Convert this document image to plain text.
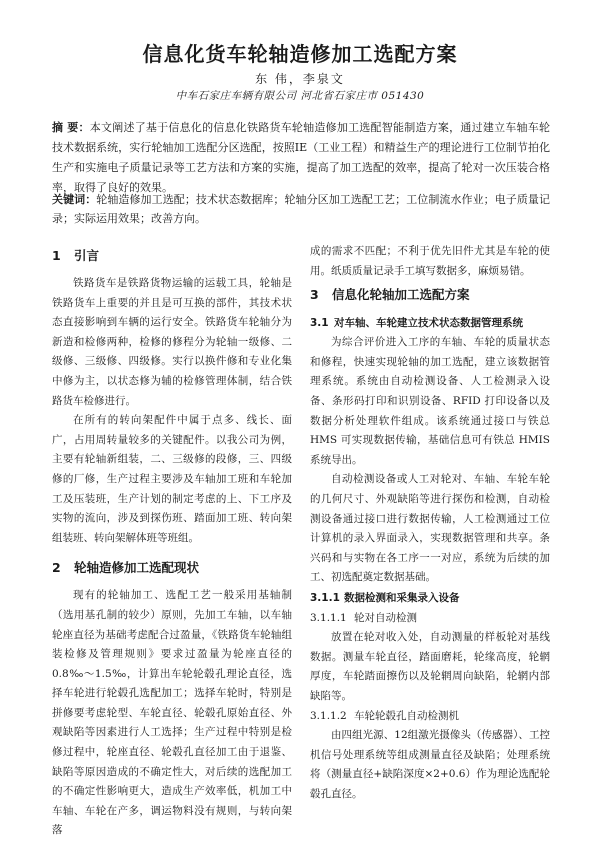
信息化货车轮轴造修加工选配方案
东 伟，李泉文
中车石家庄车辆有限公司 河北省石家庄市 051430
摘 要：本文阐述了基于信息化的信息化铁路货车轮轴造修加工选配智能制造方案，通过建立车轴车轮技术数据系统，实行轮轴加工选配分区选配，按照IE（工业工程）和精益生产的理论进行工位制节拍化生产和实施电子质量记录等工艺方法和方案的实施，提高了加工选配的效率，提高了轮对一次压装合格率，取得了良好的效果。
关键词：轮轴造修加工选配；技术状态数据库；轮轴分区加工选配工艺；工位制流水作业；电子质量记录；实际运用效果；改善方向。
1 引言

铁路货车是铁路货物运输的运载工具，轮轴是铁路货车上重要的并且是可互换的部件，其技术状态直接影响到车辆的运行安全。铁路货车轮轴分为新造和检修两种，检修的修程分为轮轴一级修、二级修、三级修、四级修。实行以换件修和专业化集中修为主，以状态修为辅的检修管理体制，结合铁路货车检修进行。

在所有的转向架配件中属于点多、线长、面广，占用周转量较多的关键配件。以我公司为例，主要有轮轴新组装，二、三级修的段修，三、四级修的厂修，生产过程主要涉及车轴加工班和车轮加工及压装班，生产计划的制定考虑的上、下工序及实物的流向，涉及到探伤班、踏面加工班、转向架组装班、转向架解体班等班组。

2 轮轴造修加工选配现状

现有的轮轴加工、选配工艺一般采用基轴制（选用基孔制的较少）原则，先加工车轴，以车轴轮座直径为基础考虑配合过盈量，《铁路货车轮轴组装检修及管理规则》要求过盈量为轮座直径的0.8‰～1.5‰，计算出车轮轮毂孔理论直径，选择车轮进行轮毂孔选配加工；选择车轮时，特别是拼修要考虑轮型、车轮直径、轮毂孔原始直径、外观缺陷等因素进行人工选择；生产过程中特别是检修过程中，轮座直径、轮毂孔直径加工由于退鉴、缺陷等原因造成的不确定性大，对后续的选配加工的不确定性影响更大，造成生产效率低，机加工中车轴、车轮在产多，调运物料没有规则，与转向架落

成的需求不匹配；不利于优先旧件尤其是车轮的使用。纸质质量记录手工填写数据多，麻烦易错。

3 信息化轮轴加工选配方案
3.1 对车轴、车轮建立技术状态数据管理系统

为综合评价进入工序的车轴、车轮的质量状态和修程，快速实现轮轴的加工选配，建立该数据管理系统。系统由自动检测设备、人工检测录入设备、条形码打印和识别设备、RFID 打印设备以及数据分析处理软件组成。该系统通过接口与铁总 HMS 可实现数据传输，基础信息可有铁总 HMIS 系统导出。

自动检测设备或人工对轮对、车轴、车轮车轮的几何尺寸、外观缺陷等进行探伤和检测，自动检测设备通过接口进行数据传输，人工检测通过工位计算机的录入界面录入，实现数据管理和共享。条兴码和与实物在各工序一一对应，系统为后续的加工、初选配奠定数据基础。

3.1.1 数据检测和采集录入设备
3.1.1.1 轮对自动检测

放置在轮对收入处，自动测量的样板轮对基线数据。测量车轮直径，踏面磨耗，轮缘高度，轮辋厚度，车轮踏面擦伤以及轮辋周向缺陷，轮辋内部缺陷等。

3.1.1.2 车轮轮毂孔自动检测机

由四组光源、12组激光摄像头（传感器）、工控机信号处理系统等组成测量直径及缺陷；处理系统将（测量直径+缺陷深度×2+0.6）作为理论选配轮毂孔直径。
